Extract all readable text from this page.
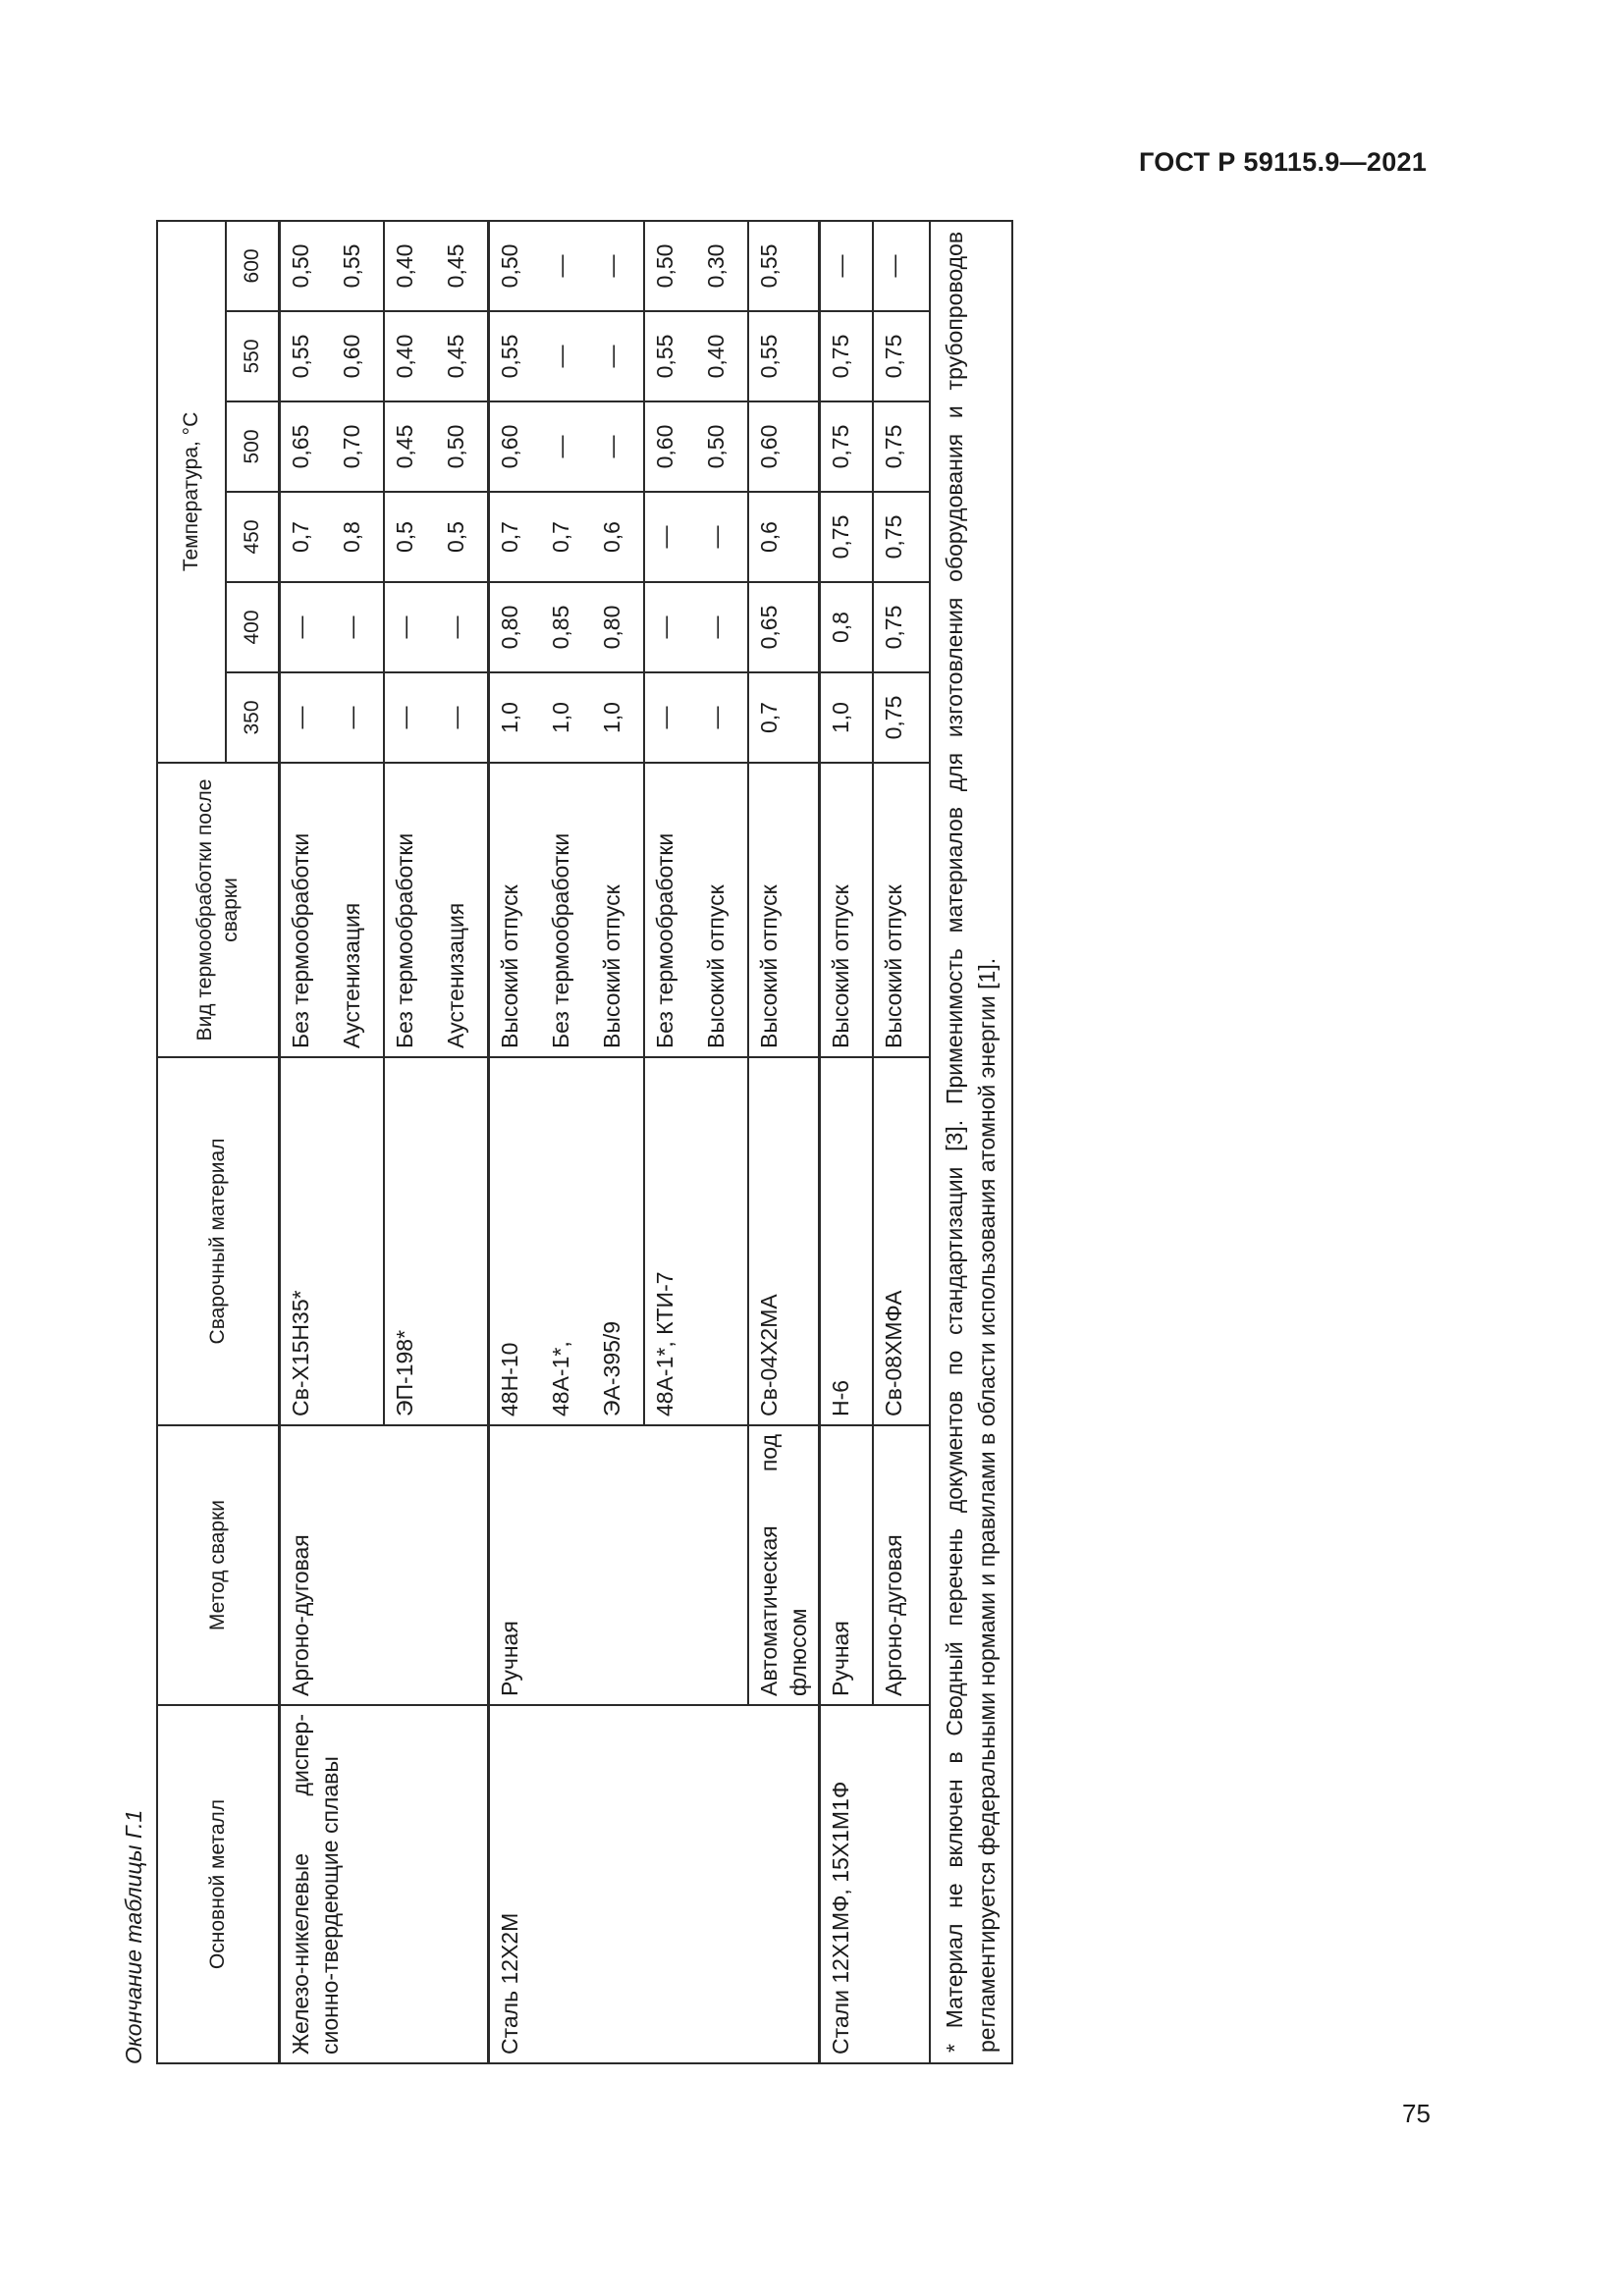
ГОСТ Р 59115.9—2021
Окончание таблицы Г.1	Основной металл	Метод сварки	Сварочный материал	Вид термообработки после сварки	Температура, °С					
				350	400	450	500	550	600

Железо-никелевые диспер- сионно-твердеющие сплавы	Аргоно-дуговая	Св-Х15Н35*	Без термообработки	—	—	0,7	0,65	0,55	0,50
			Аустенизация	—	—	0,8	0,70	0,60	0,55
		ЭП-198*	Без термообработки	—	—	0,5	0,45	0,40	0,40
			Аустенизация	—	—	0,5	0,50	0,45	0,45
Сталь 12Х2М	Ручная	48Н-10	Высокий отпуск	1,0	0,80	0,7	0,60	0,55	0,50
		48А-1*,	Без термообработки	1,0	0,85	0,7	—	—	—
		ЭА-395/9	Высокий отпуск	1,0	0,80	0,6	—	—	—
		48А-1*, КТИ-7	Без термообработки	—	—	—	0,60	0,55	0,50
			Высокий отпуск	—	—	—	0,50	0,40	0,30
	Автоматическая под флюсом	Св-04Х2МА	Высокий отпуск	0,7	0,65	0,6	0,60	0,55	0,55
Стали 12Х1МФ, 15Х1М1Ф	Ручная	Н-6	Высокий отпуск	1,0	0,8	0,75	0,75	0,75	—
	Аргоно-дуговая	Св-08ХМФА	Высокий отпуск	0,75	0,75	0,75	0,75	0,75	—
* Материал не включен в Сводный перечень документов по стандартизации [3]. Применимость материалов для изготовления оборудования и трубопроводов регламентируется федеральными нормами и правилами в области использования атомной энергии [1].									
75
